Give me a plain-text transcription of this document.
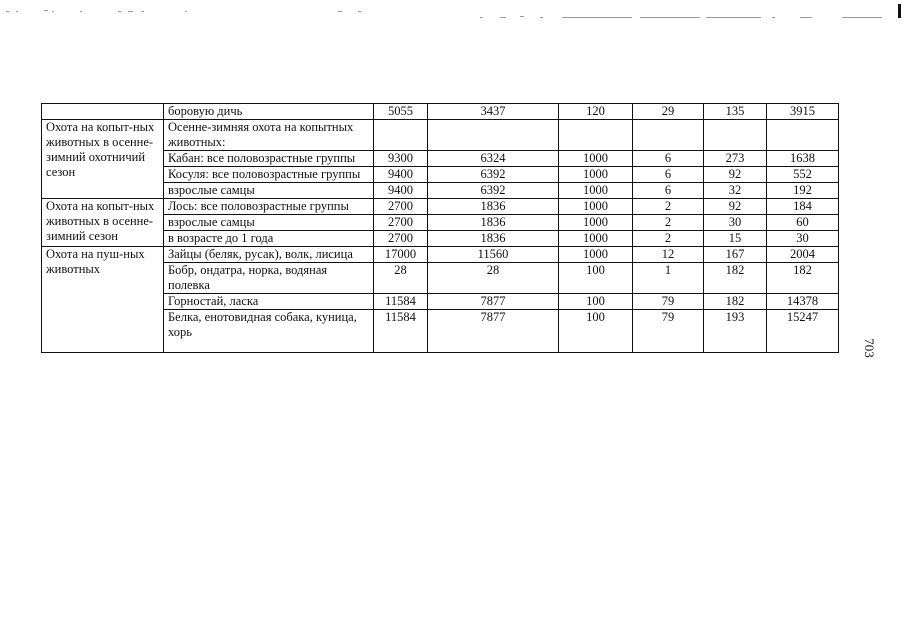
	боровую дичь	5055	3437	120	29	135	3915
Охота на копыт-ных животных в осенне-зимний охотничий сезон	Осенне-зимняя охота на копытных животных:						
	Кабан: все половозрастные группы	9300	6324	1000	6	273	1638
	Косуля: все половозрастные группы	9400	6392	1000	6	92	552
	взрослые самцы	9400	6392	1000	6	32	192
Охота на копыт-ных животных в осенне-зимний сезон	Лось: все половозрастные группы	2700	1836	1000	2	92	184
	взрослые самцы	2700	1836	1000	2	30	60
	в возрасте до 1 года	2700	1836	1000	2	15	30
Охота на пуш-ных животных	Зайцы (беляк, русак), волк, лисица	17000	11560	1000	12	167	2004
	Бобр, ондатра, норка, водяная полевка	28	28	100	1	182	182
	Горностай, ласка	11584	7877	100	79	182	14378
	Белка, енотовидная собака, куница, хорь	11584	7877	100	79	193	15247
703
